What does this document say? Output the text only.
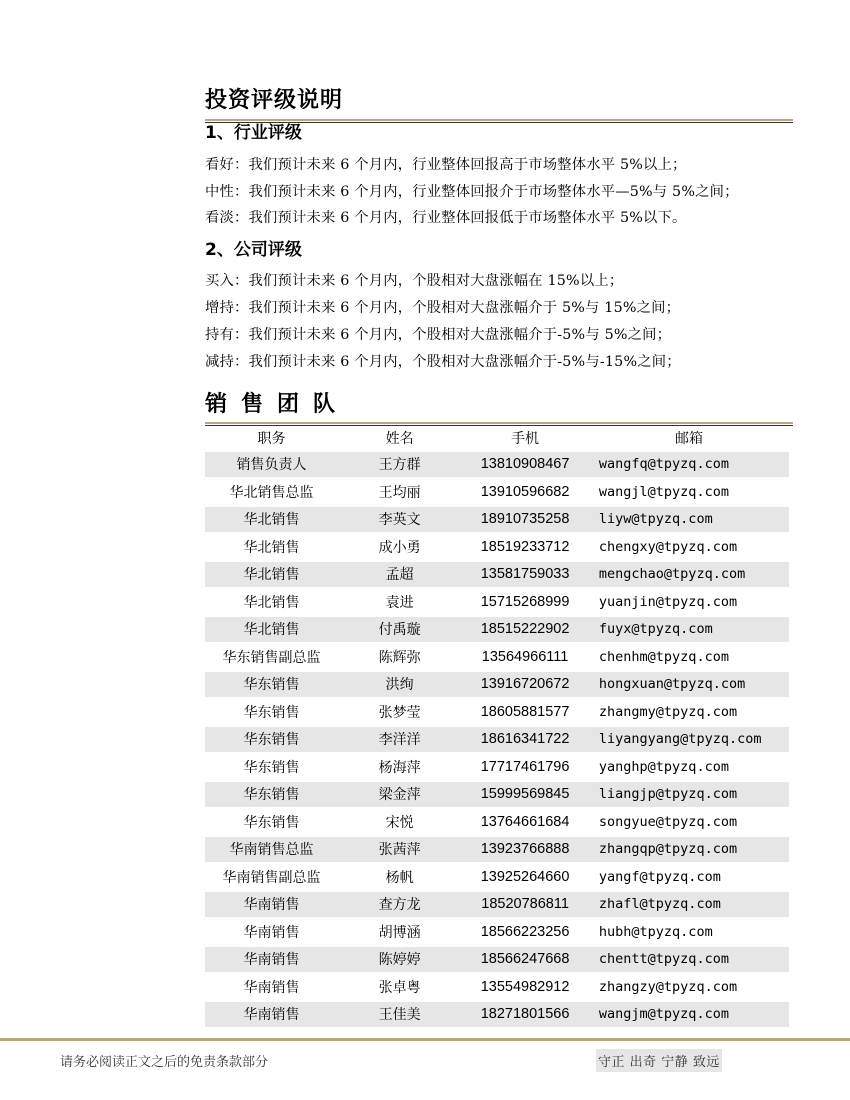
投资评级说明
1、行业评级
看好：我们预计未来 6 个月内，行业整体回报高于市场整体水平 5%以上；
中性：我们预计未来 6 个月内，行业整体回报介于市场整体水平—5%与 5%之间；
看淡：我们预计未来 6 个月内，行业整体回报低于市场整体水平 5%以下。
2、公司评级
买入：我们预计未来 6 个月内，个股相对大盘涨幅在 15%以上；
增持：我们预计未来 6 个月内，个股相对大盘涨幅介于 5%与 15%之间；
持有：我们预计未来 6 个月内，个股相对大盘涨幅介于-5%与 5%之间；
减持：我们预计未来 6 个月内，个股相对大盘涨幅介于-5%与-15%之间；
销售团队
职务	姓名	手机	邮箱
销售负责人	王方群	13810908467	wangfq@tpyzq.com
华北销售总监	王均丽	13910596682	wangjl@tpyzq.com
华北销售	李英文	18910735258	liyw@tpyzq.com
华北销售	成小勇	18519233712	chengxy@tpyzq.com
华北销售	孟超	13581759033	mengchao@tpyzq.com
华北销售	袁进	15715268999	yuanjin@tpyzq.com
华北销售	付禹璇	18515222902	fuyx@tpyzq.com
华东销售副总监	陈辉弥	13564966111	chenhm@tpyzq.com
华东销售	洪绚	13916720672	hongxuan@tpyzq.com
华东销售	张梦莹	18605881577	zhangmy@tpyzq.com
华东销售	李洋洋	18616341722	liyangyang@tpyzq.com
华东销售	杨海萍	17717461796	yanghp@tpyzq.com
华东销售	梁金萍	15999569845	liangjp@tpyzq.com
华东销售	宋悦	13764661684	songyue@tpyzq.com
华南销售总监	张茜萍	13923766888	zhangqp@tpyzq.com
华南销售副总监	杨帆	13925264660	yangf@tpyzq.com
华南销售	查方龙	18520786811	zhafl@tpyzq.com
华南销售	胡博涵	18566223256	hubh@tpyzq.com
华南销售	陈婷婷	18566247668	chentt@tpyzq.com
华南销售	张卓粤	13554982912	zhangzy@tpyzq.com
华南销售	王佳美	18271801566	wangjm@tpyzq.com
请务必阅读正文之后的免责条款部分	守正 出奇 宁静 致远
